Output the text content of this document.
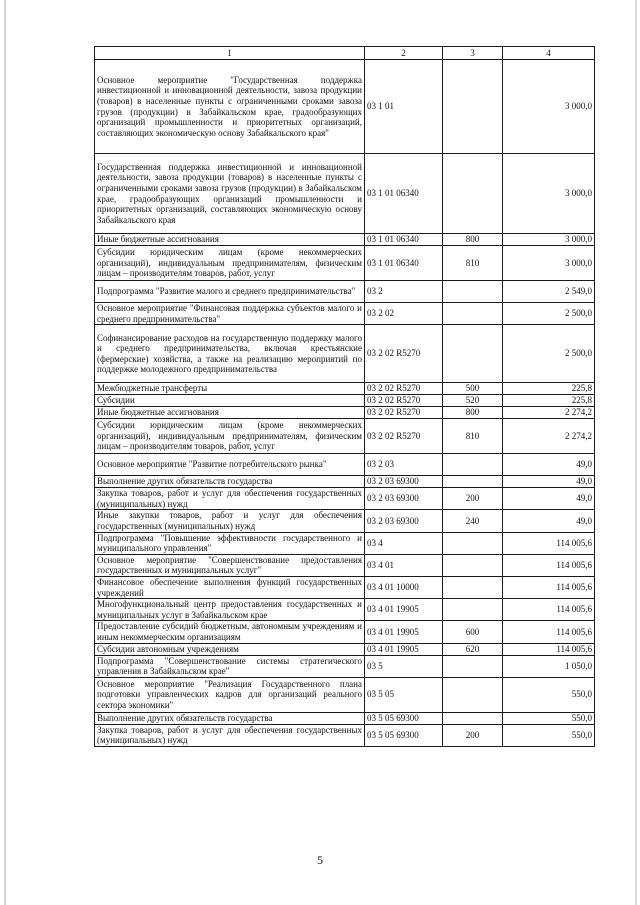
1	2	3	4
Основное мероприятие "Государственная поддержка инвестиционной и инновационной деятельности, завоза продукции (товаров) в населенные пункты с ограниченными сроками завоза грузов (продукции) в Забайкальском крае, градообразующих организаций промышленности и приоритетных организаций, составляющих экономическую основу Забайкальского края"	03 1 01		3 000,0
Государственная поддержка инвестиционной и инновационной деятельности, завоза продукции (товаров) в населенные пункты с ограниченными сроками завоза грузов (продукции) в Забайкальском крае, градообразующих организаций промышленности и приоритетных организаций, составляющих экономическую основу Забайкальского края	03 1 01 06340		3 000,0
Иные бюджетные ассигнования	03 1 01 06340	800	3 000,0
Субсидии юридическим лицам (кроме некоммерческих организаций), индивидуальным предпринимателям, физическим лицам – производителям товаров, работ, услуг	03 1 01 06340	810	3 000,0
Подпрограмма "Развитие малого и среднего предпринимательства"	03 2		2 549,0
Основное мероприятие "Финансовая поддержка субъектов малого и среднего предпринимательства"	03 2 02		2 500,0
Софинансирование расходов на государственную поддержку малого и среднего предпринимательства, включая крестьянские (фермерские) хозяйства, а также на реализацию мероприятий по поддержке молодежного предпринимательства	03 2 02 R5270		2 500,0
Межбюджетные трансферты	03 2 02 R5270	500	225,8
Субсидии	03 2 02 R5270	520	225,8
Иные бюджетные ассигнования	03 2 02 R5270	800	2 274,2
Субсидии юридическим лицам (кроме некоммерческих организаций), индивидуальным предпринимателям, физическим лицам – производителям товаров, работ, услуг	03 2 02 R5270	810	2 274,2
Основное мероприятие "Развитие потребительского рынка"	03 2 03		49,0
Выполнение других обязательств государства	03 2 03 69300		49,0
Закупка товаров, работ и услуг для обеспечения государственных (муниципальных) нужд	03 2 03 69300	200	49,0
Иные закупки товаров, работ и услуг для обеспечения государственных (муниципальных) нужд	03 2 03 69300	240	49,0
Подпрограмма "Повышение эффективности государственного и муниципального управления"	03 4		114 005,6
Основное мероприятие "Совершенствование предоставления государственных и муниципальных услуг"	03 4 01		114 005,6
Финансовое обеспечение выполнения функций государственных учреждений	03 4 01 10000		114 005,6
Многофункциональный центр предоставления государственных и муниципальных услуг в Забайкальском крае	03 4 01 19905		114 005,6
Предоставление субсидий бюджетным, автономным учреждениям и иным некоммерческим организациям	03 4 01 19905	600	114 005,6
Субсидии автономным учреждениям	03 4 01 19905	620	114 005,6
Подпрограмма "Совершенствование системы стратегического управления в Забайкальском крае"	03 5		1 050,0
Основное мероприятие "Реализация Государственного плана подготовки управленческих кадров для организаций реального сектора экономики"	03 5 05		550,0
Выполнение других обязательств государства	03 5 05 69300		550,0
Закупка товаров, работ и услуг для обеспечения государственных (муниципальных) нужд	03 5 05 69300	200	550,0
5
